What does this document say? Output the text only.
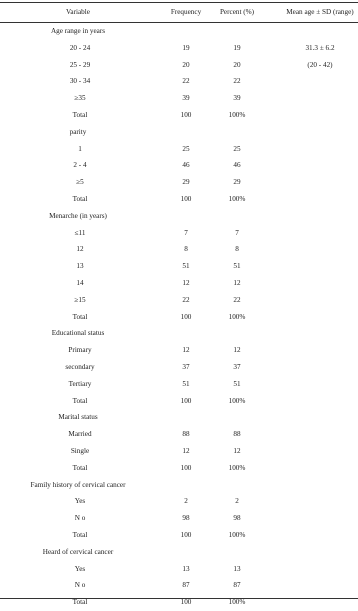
Variable	Frequency	Percent (%)	Mean age ± SD (range)
Age range in years
20 - 24	19	19	31.3 ± 6.2
25 - 29	20	20	(20 - 42)
30 - 34	22	22
≥35	39	39
Total	100	100%
parity
1	25	25
2 - 4	46	46
≥5	29	29
Total	100	100%
Menarche (in years)
≤11	7	7
12	8	8
13	51	51
14	12	12
≥15	22	22
Total	100	100%
Educational status
Primary	12	12
secondary	37	37
Tertiary	51	51
Total	100	100%
Marital status
Married	88	88
Single	12	12
Total	100	100%
Family history of cervical cancer
Yes	2	2
N o	98	98
Total	100	100%
Heard of cervical cancer
Yes	13	13
N o	87	87
Total	100	100%
